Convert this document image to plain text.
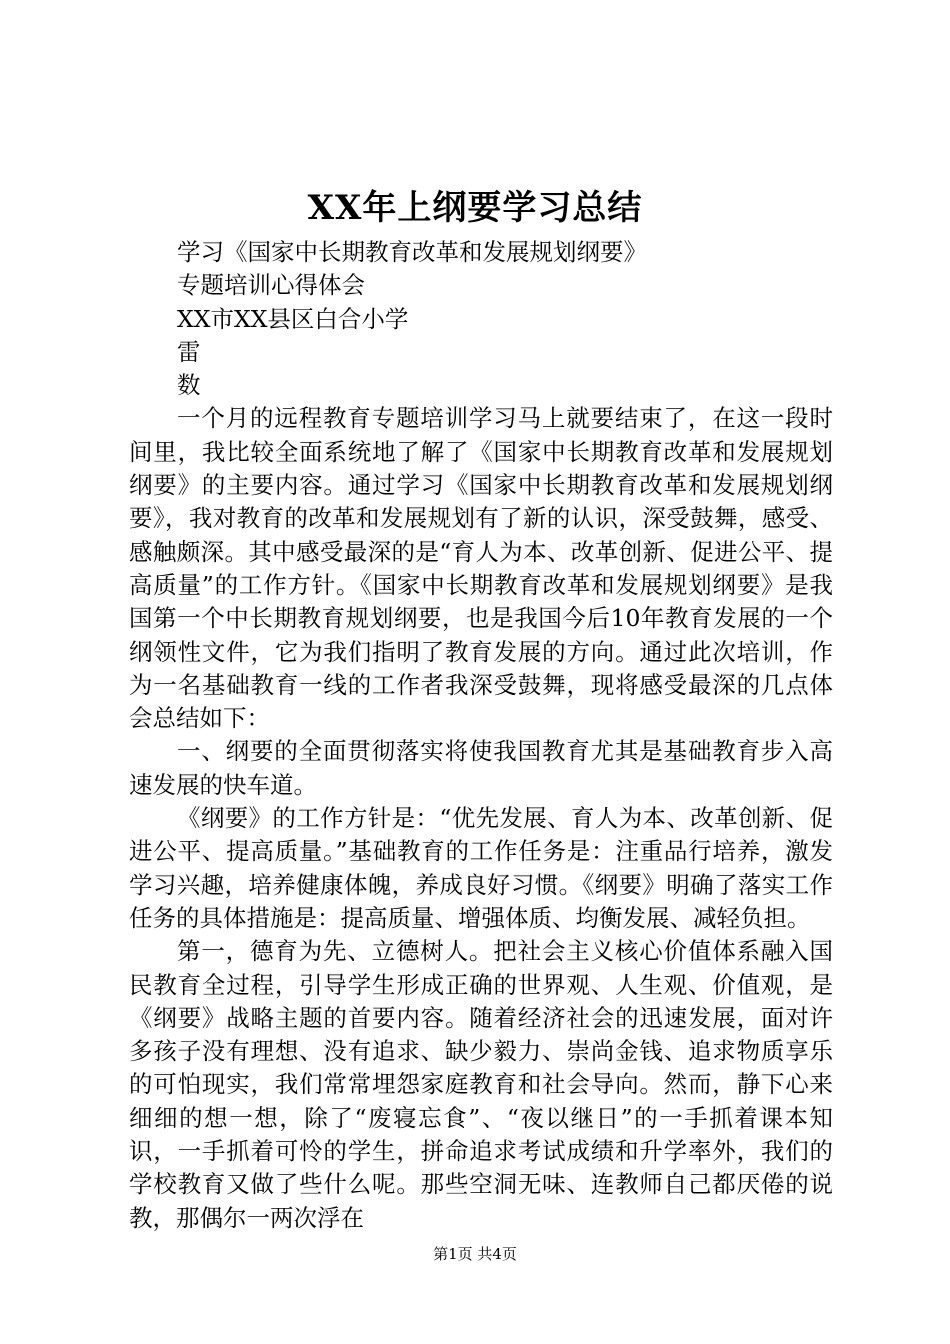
XX年上纲要学习总结
学习《国家中长期教育改革和发展规划纲要》
专题培训心得体会
XX市XX县区白合小学
雷
数
一个月的远程教育专题培训学习马上就要结束了，在这一段时间里，我比较全面系统地了解了《国家中长期教育改革和发展规划纲要》的主要内容。通过学习《国家中长期教育改革和发展规划纲要》，我对教育的改革和发展规划有了新的认识，深受鼓舞，感受、感触颇深。其中感受最深的是“育人为本、改革创新、促进公平、提高质量”的工作方针。《国家中长期教育改革和发展规划纲要》是我国第一个中长期教育规划纲要，也是我国今后10年教育发展的一个纲领性文件，它为我们指明了教育发展的方向。通过此次培训，作为一名基础教育一线的工作者我深受鼓舞，现将感受最深的几点体会总结如下：
一、纲要的全面贯彻落实将使我国教育尤其是基础教育步入高速发展的快车道。
《纲要》的工作方针是：“优先发展、育人为本、改革创新、促进公平、提高质量。”基础教育的工作任务是：注重品行培养，激发学习兴趣，培养健康体魄，养成良好习惯。《纲要》明确了落实工作任务的具体措施是：提高质量、增强体质、均衡发展、减轻负担。
第一，德育为先、立德树人。把社会主义核心价值体系融入国民教育全过程，引导学生形成正确的世界观、人生观、价值观，是《纲要》战略主题的首要内容。随着经济社会的迅速发展，面对许多孩子没有理想、没有追求、缺少毅力、崇尚金钱、追求物质享乐的可怕现实，我们常常埋怨家庭教育和社会导向。然而，静下心来细细的想一想，除了“废寝忘食”、“夜以继日”的一手抓着课本知识，一手抓着可怜的学生，拼命追求考试成绩和升学率外，我们的学校教育又做了些什么呢。那些空洞无味、连教师自己都厌倦的说教，那偶尔一两次浮在
第1页 共4页
